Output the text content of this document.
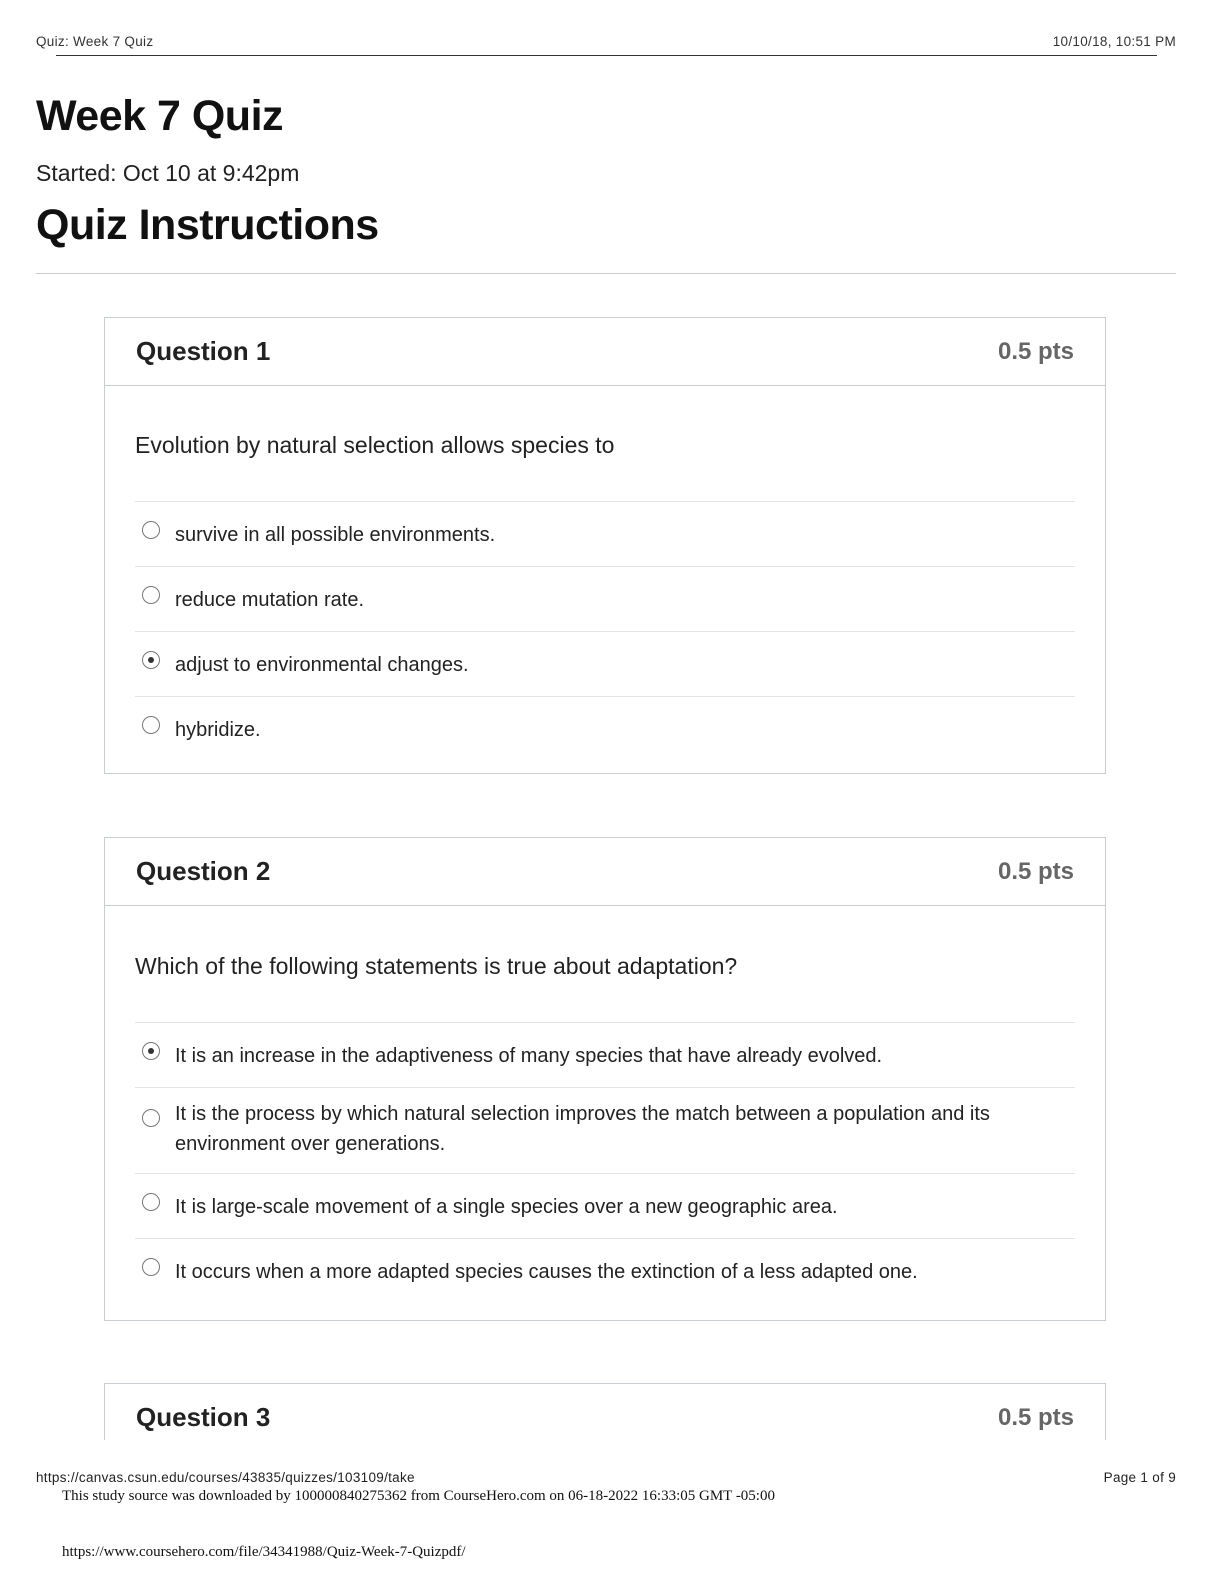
Quiz: Week 7 Quiz	10/10/18, 10:51 PM
Week 7 Quiz
Started: Oct 10 at 9:42pm
Quiz Instructions
Question 1	0.5 pts
Evolution by natural selection allows species to
survive in all possible environments.
reduce mutation rate.
adjust to environmental changes.
hybridize.
Question 2	0.5 pts
Which of the following statements is true about adaptation?
It is an increase in the adaptiveness of many species that have already evolved.
It is the process by which natural selection improves the match between a population and its environment over generations.
It is large-scale movement of a single species over a new geographic area.
It occurs when a more adapted species causes the extinction of a less adapted one.
Question 3	0.5 pts
https://canvas.csun.edu/courses/43835/quizzes/103109/take	Page 1 of 9
This study source was downloaded by 100000840275362 from CourseHero.com on 06-18-2022 16:33:05 GMT -05:00
https://www.coursehero.com/file/34341988/Quiz-Week-7-Quizpdf/
